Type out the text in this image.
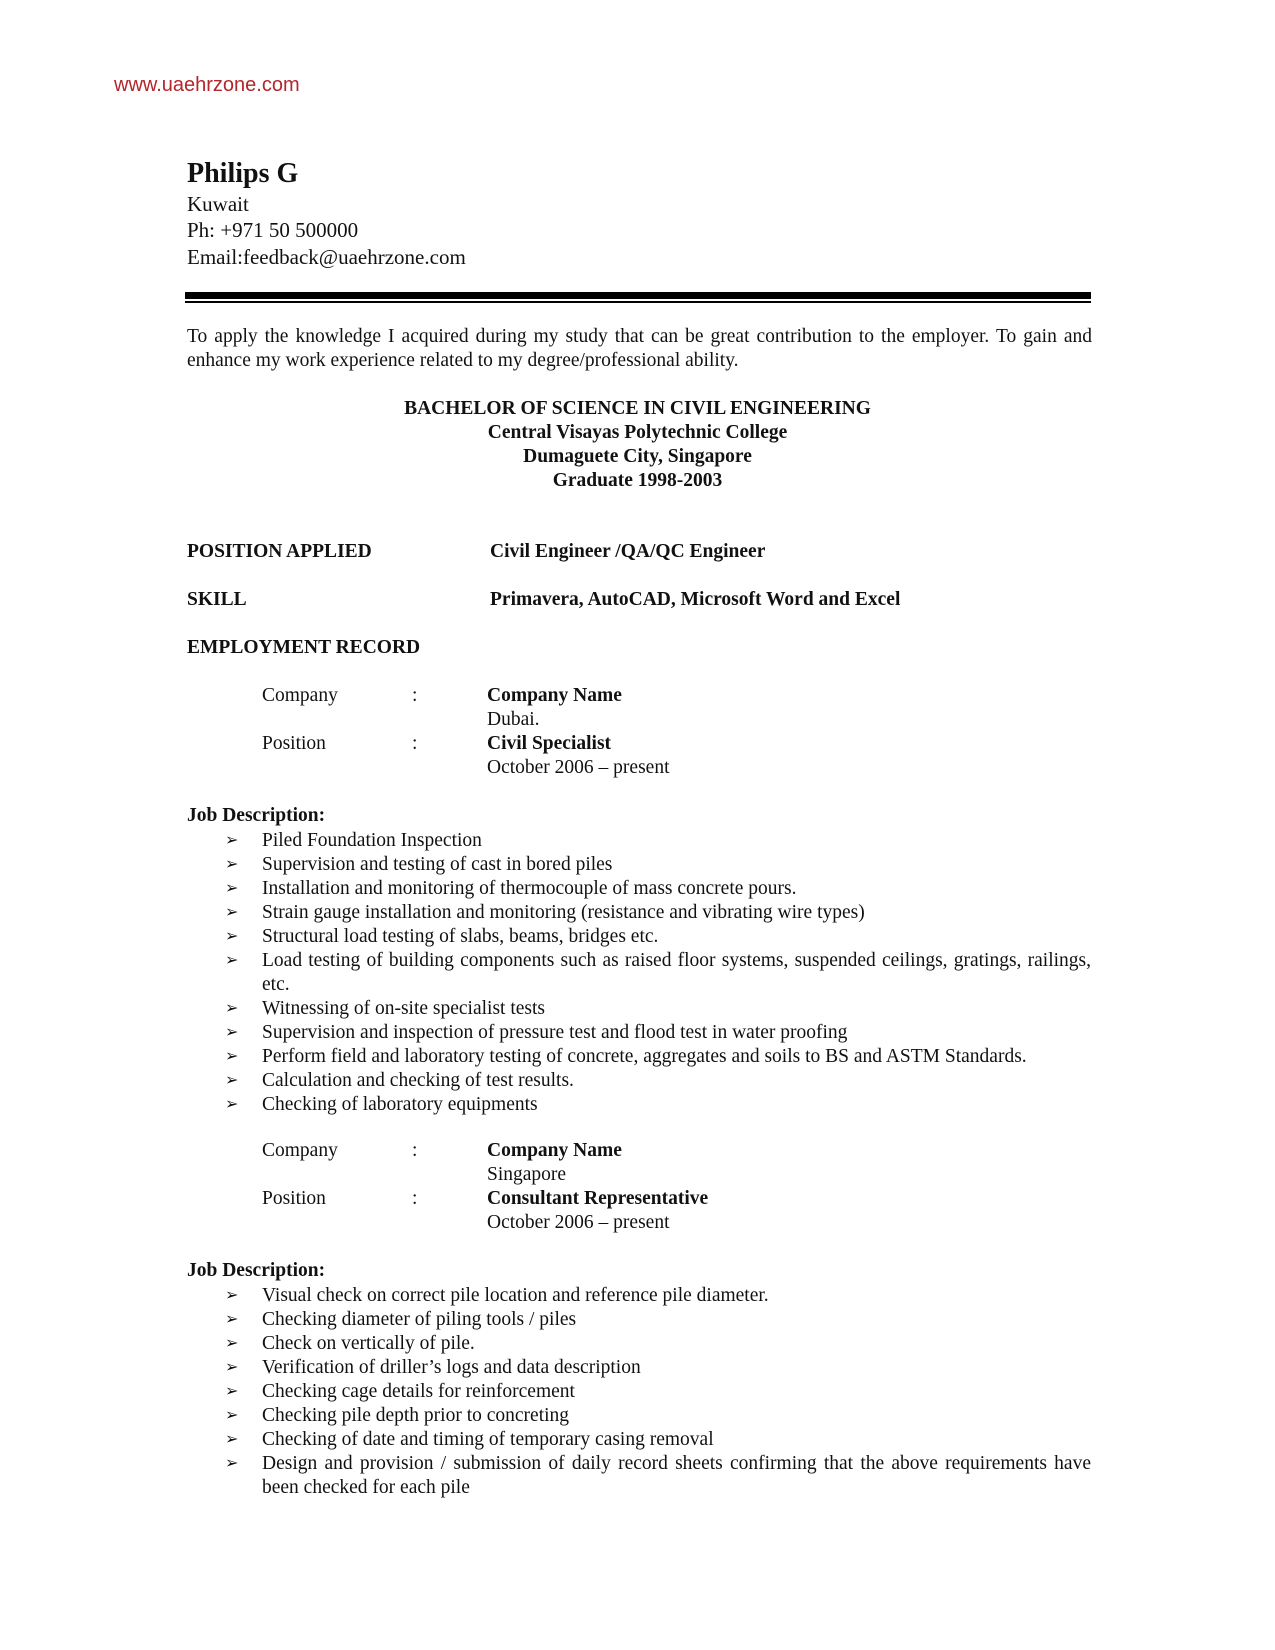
www.uaehrzone.com
Philips G
Kuwait
Ph: +971 50 500000
Email:feedback@uaehrzone.com
To apply the knowledge I acquired during my study that can be great contribution to the employer. To gain and enhance my work experience related to my degree/professional ability.
BACHELOR OF SCIENCE IN CIVIL ENGINEERING
Central Visayas Polytechnic College
Dumaguete City, Singapore
Graduate 1998-2003
POSITION APPLIED	Civil Engineer /QA/QC Engineer
SKILL	Primavera, AutoCAD, Microsoft Word and Excel
EMPLOYMENT RECORD
Company	:	Company Name
Dubai.
Position	:	Civil Specialist
October 2006 – present
Job Description:
➢ Piled Foundation Inspection
➢ Supervision and testing of cast in bored piles
➢ Installation and monitoring of thermocouple of mass concrete pours.
➢ Strain gauge installation and monitoring (resistance and vibrating wire types)
➢ Structural load testing of slabs, beams, bridges etc.
➢ Load testing of building components such as raised floor systems, suspended ceilings, gratings, railings, etc.
➢ Witnessing of on-site specialist tests
➢ Supervision and inspection of pressure test and flood test in water proofing
➢ Perform field and laboratory testing of concrete, aggregates and soils to BS and ASTM Standards.
➢ Calculation and checking of test results.
➢ Checking of laboratory equipments
Company	:	Company Name
Singapore
Position	:	Consultant Representative
October 2006 – present
Job Description:
➢ Visual check on correct pile location and reference pile diameter.
➢ Checking diameter of piling tools / piles
➢ Check on vertically of pile.
➢ Verification of driller’s logs and data description
➢ Checking cage details for reinforcement
➢ Checking pile depth prior to concreting
➢ Checking of date and timing of temporary casing removal
➢ Design and provision / submission of daily record sheets confirming that the above requirements have been checked for each pile
